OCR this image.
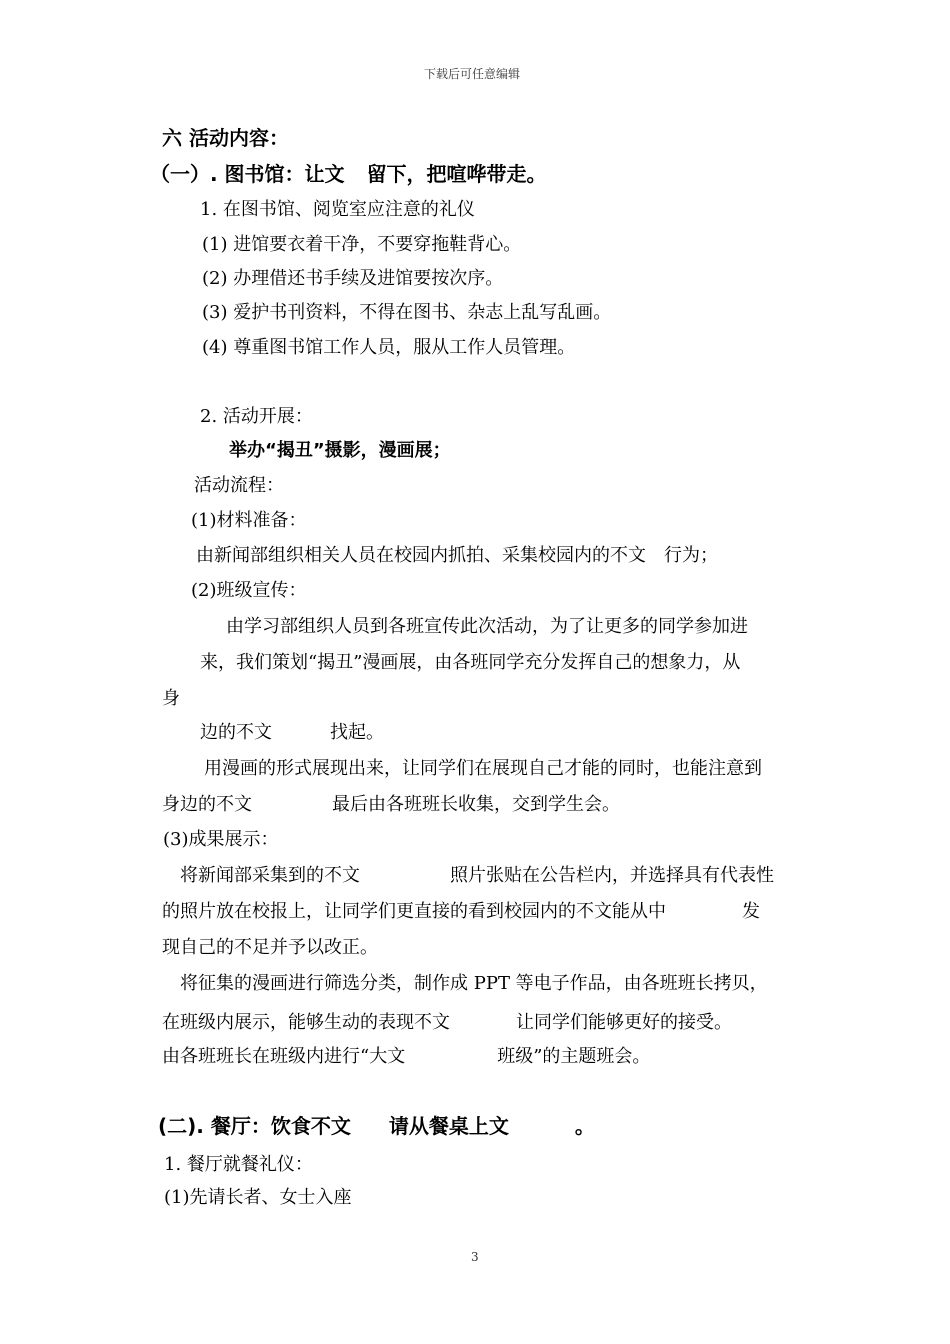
下载后可任意编辑
六 活动内容：
（一）. 图书馆：让文 留下，把喧哗带走。
1. 在图书馆、阅览室应注意的礼仪
(1) 进馆要衣着干净，不要穿拖鞋背心。
(2) 办理借还书手续及进馆要按次序。
(3) 爱护书刊资料，不得在图书、杂志上乱写乱画。
(4) 尊重图书馆工作人员，服从工作人员管理。
2. 活动开展：
举办“揭丑”摄影，漫画展；
活动流程：
(1)材料准备：
由新闻部组织相关人员在校园内抓拍、采集校园内的不文 行为；
(2)班级宣传：
由学习部组织人员到各班宣传此次活动，为了让更多的同学参加进
来，我们策划“揭丑”漫画展，由各班同学充分发挥自己的想象力，从
身
边的不文	找起。
用漫画的形式展现出来，让同学们在展现自己才能的同时，也能注意到
身边的不文	最后由各班班长收集，交到学生会。
(3)成果展示：
将新闻部采集到的不文	照片张贴在公告栏内，并选择具有代表性
的照片放在校报上，让同学们更直接的看到校园内的不文能从中	发
现自己的不足并予以改正。
将征集的漫画进行筛选分类，制作成 PPT 等电子作品，由各班班长拷贝，
在班级内展示，能够生动的表现不文	让同学们能够更好的接受。
由各班班长在班级内进行“大文	班级”的主题班会。
(二). 餐厅：饮食不文 请从餐桌上文	。
1. 餐厅就餐礼仪：
(1)先请长者、女士入座
3
